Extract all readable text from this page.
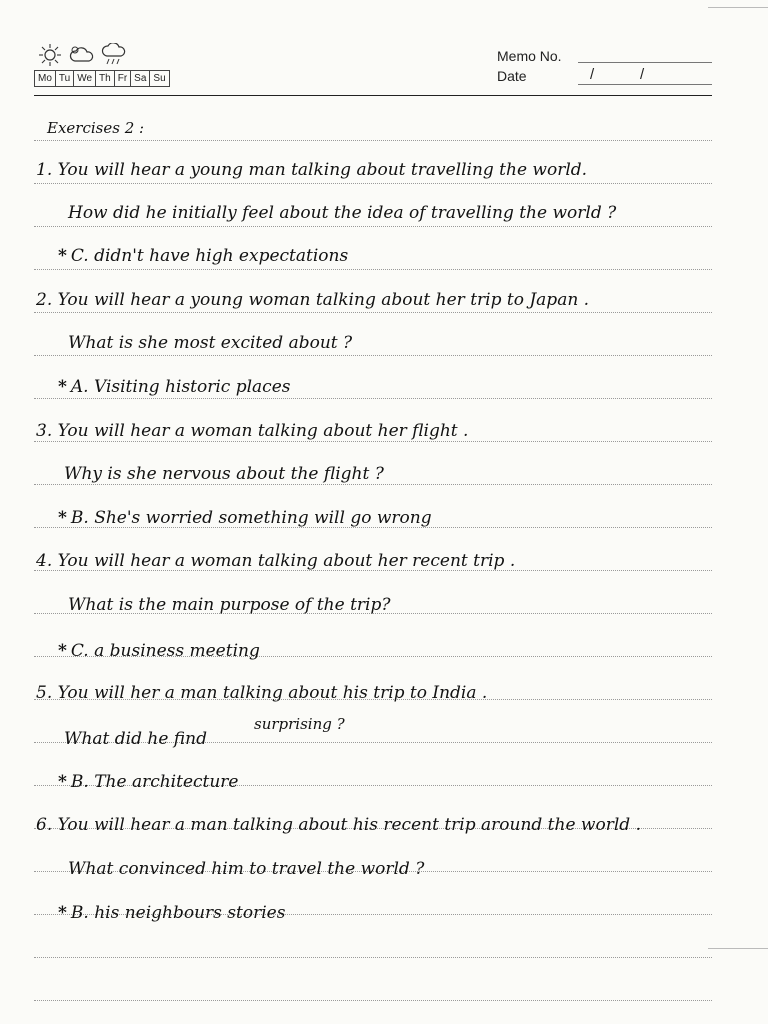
Mo Tu We Th Fr Sa Su
Memo No.
Date	/	/
Exercises 2 :
1. You will hear a young man talking about travelling the world.
How did he initially feel about the idea of travelling the world ?
* C. didn't have high expectations
2. You will hear a young woman talking about her trip to Japan .
What is she most excited about ?
* A. Visiting historic places
3. You will hear a woman talking about her flight .
Why is she nervous about the flight ?
* B. She's worried something will go wrong
4. You will hear a woman talking about her recent trip .
What is the main purpose of the trip?
* C. a business meeting
5. You will her a man talking about his trip to India .
What did he find
surprising ?
* B. The architecture
6. You will hear a man talking about his recent trip around the world .
What convinced him to travel the world ?
* B. his neighbours stories
